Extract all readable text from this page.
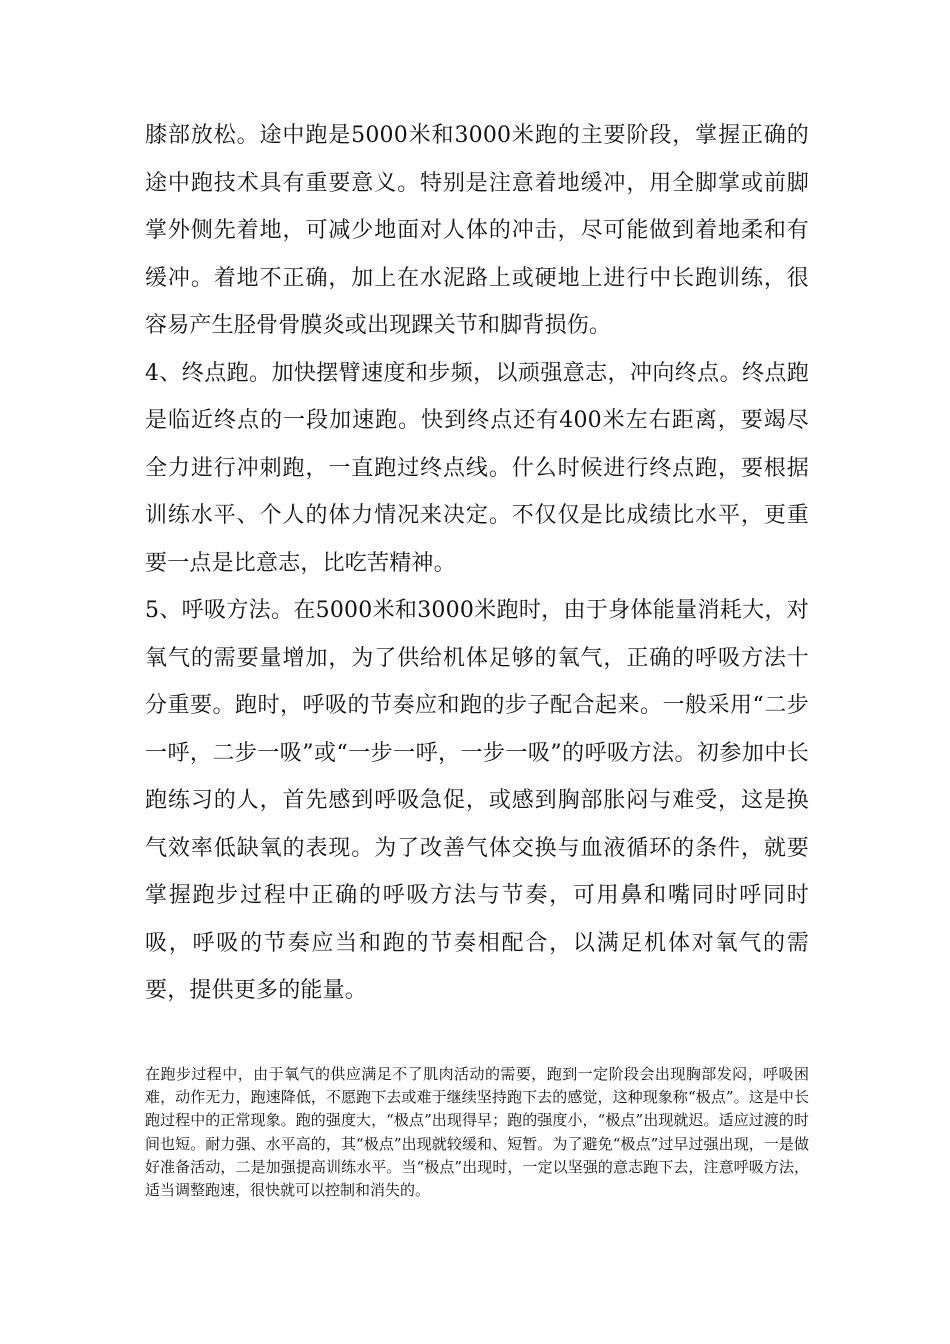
膝部放松。途中跑是5000米和3000米跑的主要阶段，掌握正确的途中跑技术具有重要意义。特别是注意着地缓冲，用全脚掌或前脚掌外侧先着地，可减少地面对人体的冲击，尽可能做到着地柔和有缓冲。着地不正确，加上在水泥路上或硬地上进行中长跑训练，很容易产生胫骨骨膜炎或出现踝关节和脚背损伤。

4、终点跑。加快摆臂速度和步频，以顽强意志，冲向终点。终点跑是临近终点的一段加速跑。快到终点还有400米左右距离，要竭尽全力进行冲刺跑，一直跑过终点线。什么时候进行终点跑，要根据训练水平、个人的体力情况来决定。不仅仅是比成绩比水平，更重要一点是比意志，比吃苦精神。

5、呼吸方法。在5000米和3000米跑时，由于身体能量消耗大，对氧气的需要量增加，为了供给机体足够的氧气，正确的呼吸方法十分重要。跑时，呼吸的节奏应和跑的步子配合起来。一般采用“二步一呼，二步一吸”或“一步一呼，一步一吸”的呼吸方法。初参加中长跑练习的人，首先感到呼吸急促，或感到胸部胀闷与难受，这是换气效率低缺氧的表现。为了改善气体交换与血液循环的条件，就要掌握跑步过程中正确的呼吸方法与节奏，可用鼻和嘴同时呼同时吸，呼吸的节奏应当和跑的节奏相配合，以满足机体对氧气的需要，提供更多的能量。

在跑步过程中，由于氧气的供应满足不了肌肉活动的需要，跑到一定阶段会出现胸部发闷，呼吸困难，动作无力，跑速降低，不愿跑下去或难于继续坚持跑下去的感觉，这种现象称“极点”。这是中长跑过程中的正常现象。跑的强度大，“极点”出现得早；跑的强度小，“极点”出现就迟。适应过渡的时间也短。耐力强、水平高的，其“极点”出现就较缓和、短暂。为了避免“极点”过早过强出现，一是做好准备活动，二是加强提高训练水平。当“极点”出现时，一定以坚强的意志跑下去，注意呼吸方法，适当调整跑速，很快就可以控制和消失的。
